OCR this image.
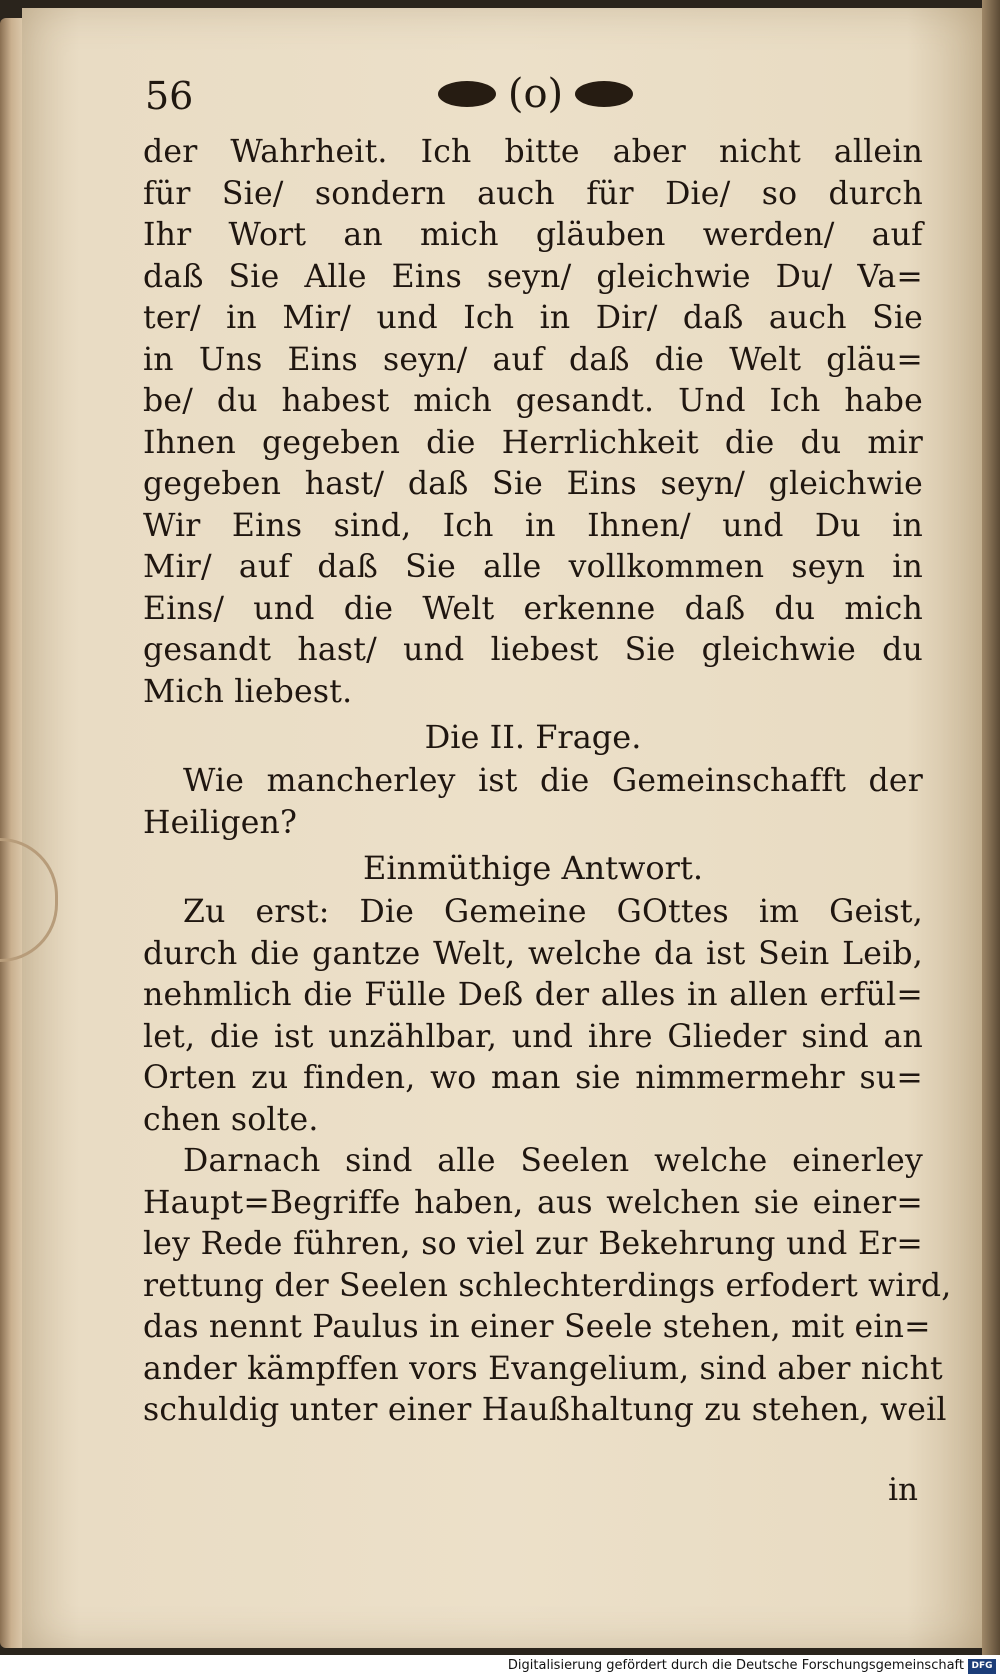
56	(o)
der Wahrheit. Ich bitte aber nicht allein
für Sie/ sondern auch für Die/ so durch
Ihr Wort an mich gläuben werden/ auf
daß Sie Alle Eins seyn/ gleichwie Du/ Va=
ter/ in Mir/ und Ich in Dir/ daß auch Sie
in Uns Eins seyn/ auf daß die Welt gläu=
be/ du habest mich gesandt. Und Ich habe
Ihnen gegeben die Herrlichkeit die du mir
gegeben hast/ daß Sie Eins seyn/ gleichwie
Wir Eins sind, Ich in Ihnen/ und Du in
Mir/ auf daß Sie alle vollkommen seyn in
Eins/ und die Welt erkenne daß du mich
gesandt hast/ und liebest Sie gleichwie du
Mich liebest.
Die II. Frage.
Wie mancherley ist die Gemeinschafft der
Heiligen?
Einmüthige Antwort.
Zu erst: Die Gemeine GOttes im Geist,
durch die gantze Welt, welche da ist Sein Leib,
nehmlich die Fülle Deß der alles in allen erfül=
let, die ist unzählbar, und ihre Glieder sind an
Orten zu finden, wo man sie nimmermehr su=
chen solte.
Darnach sind alle Seelen welche einerley
Haupt=Begriffe haben, aus welchen sie einer=
ley Rede führen, so viel zur Bekehrung und Er=
rettung der Seelen schlechterdings erfodert wird,
das nennt Paulus in einer Seele stehen, mit ein=
ander kämpffen vors Evangelium, sind aber nicht
schuldig unter einer Haußhaltung zu stehen, weil
in
Digitalisierung gefördert durch die Deutsche Forschungsgemeinschaft DFG
